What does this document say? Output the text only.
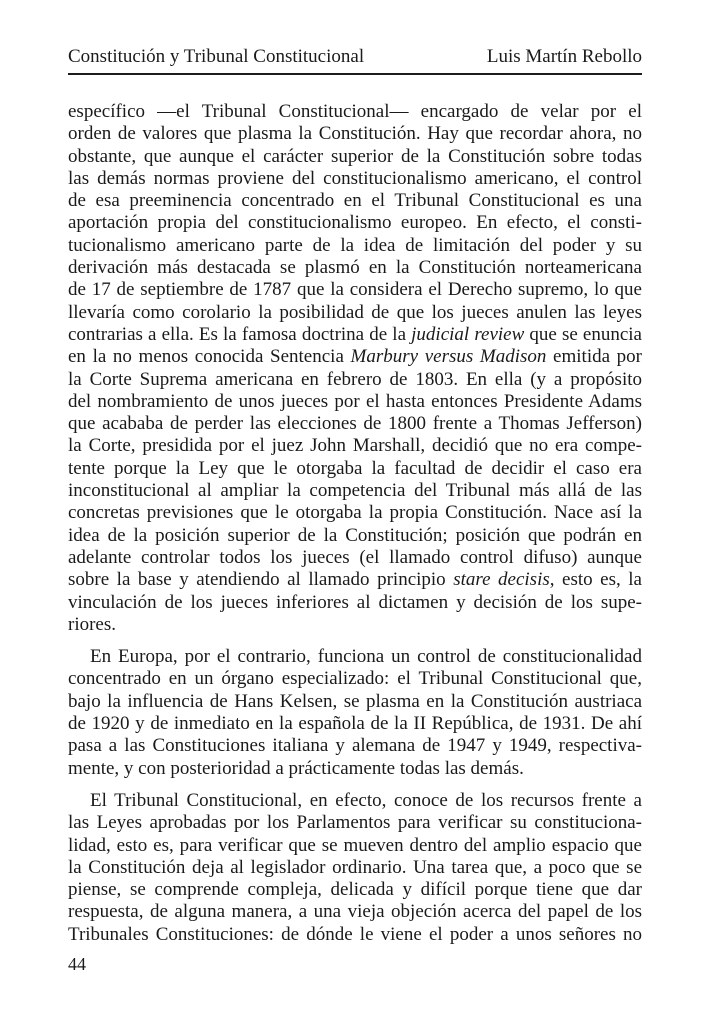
Constitución y Tribunal Constitucional	Luis Martín Rebollo

específico —el Tribunal Constitucional— encargado de velar por el
orden de valores que plasma la Constitución. Hay que recordar ahora, no
obstante, que aunque el carácter superior de la Constitución sobre todas
las demás normas proviene del constitucionalismo americano, el control
de esa preeminencia concentrado en el Tribunal Constitucional es una
aportación propia del constitucionalismo europeo. En efecto, el consti-
tucionalismo americano parte de la idea de limitación del poder y su
derivación más destacada se plasmó en la Constitución norteamericana
de 17 de septiembre de 1787 que la considera el Derecho supremo, lo que
llevaría como corolario la posibilidad de que los jueces anulen las leyes
contrarias a ella. Es la famosa doctrina de la judicial review que se enuncia
en la no menos conocida Sentencia Marbury versus Madison emitida por
la Corte Suprema americana en febrero de 1803. En ella (y a propósito
del nombramiento de unos jueces por el hasta entonces Presidente Adams
que acababa de perder las elecciones de 1800 frente a Thomas Jefferson)
la Corte, presidida por el juez John Marshall, decidió que no era compe-
tente porque la Ley que le otorgaba la facultad de decidir el caso era
inconstitucional al ampliar la competencia del Tribunal más allá de las
concretas previsiones que le otorgaba la propia Constitución. Nace así la
idea de la posición superior de la Constitución; posición que podrán en
adelante controlar todos los jueces (el llamado control difuso) aunque
sobre la base y atendiendo al llamado principio stare decisis, esto es, la
vinculación de los jueces inferiores al dictamen y decisión de los supe-
riores.

En Europa, por el contrario, funciona un control de constitucionalidad
concentrado en un órgano especializado: el Tribunal Constitucional que,
bajo la influencia de Hans Kelsen, se plasma en la Constitución austriaca
de 1920 y de inmediato en la española de la II República, de 1931. De ahí
pasa a las Constituciones italiana y alemana de 1947 y 1949, respectiva-
mente, y con posterioridad a prácticamente todas las demás.

El Tribunal Constitucional, en efecto, conoce de los recursos frente a
las Leyes aprobadas por los Parlamentos para verificar su constituciona-
lidad, esto es, para verificar que se mueven dentro del amplio espacio que
la Constitución deja al legislador ordinario. Una tarea que, a poco que se
piense, se comprende compleja, delicada y difícil porque tiene que dar
respuesta, de alguna manera, a una vieja objeción acerca del papel de los
Tribunales Constituciones: de dónde le viene el poder a unos señores no

44
